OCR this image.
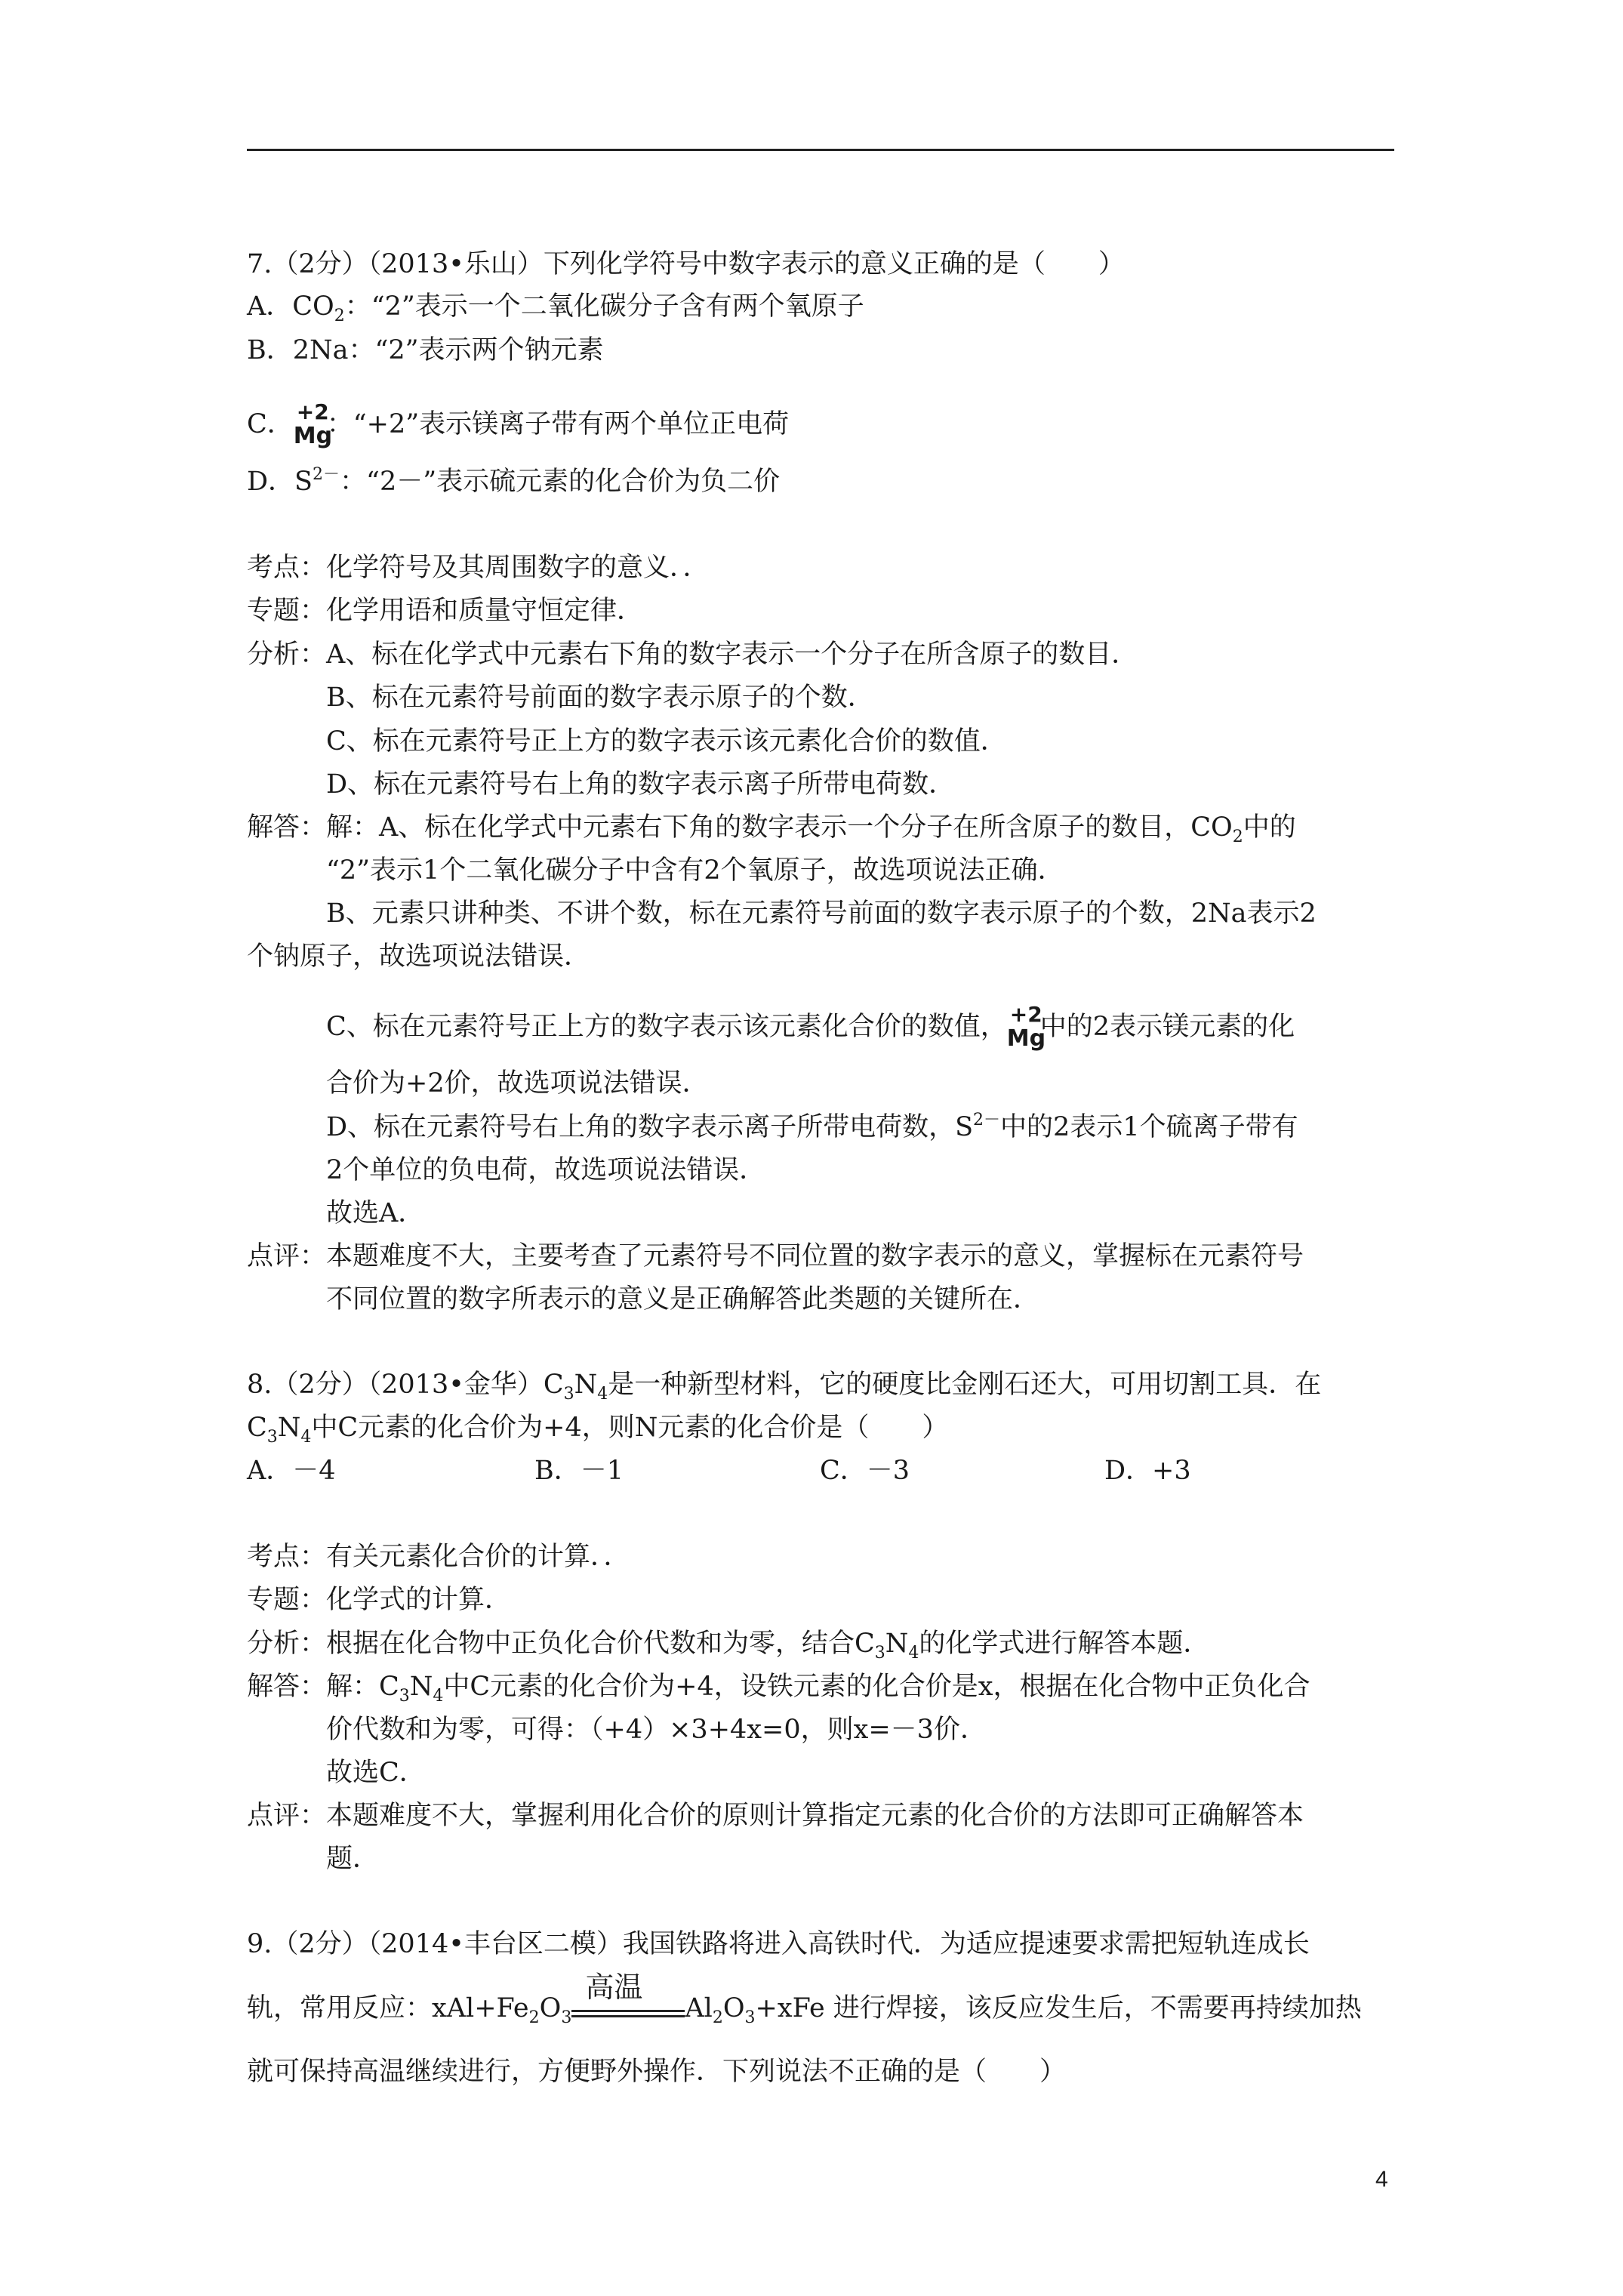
7.（2分）（2013•乐山）下列化学符号中数字表示的意义正确的是（　　）
A．$CO_2$：“2”表示一个二氧化碳分子含有两个氧原子
B．2Na：“2”表示两个钠元素
C． +2
Mg
：“+2”表示镁离子带有两个单位正电荷
D．$S^{2-}$：“2－”表示硫元素的化合价为负二价
考点：化学符号及其周围数字的意义．．
专题：化学用语和质量守恒定律．
分析：A、标在化学式中元素右下角的数字表示一个分子在所含原子的数目．
B、标在元素符号前面的数字表示原子的个数．
C、标在元素符号正上方的数字表示该元素化合价的数值．
D、标在元素符号右上角的数字表示离子所带电荷数．
解答：解：A、标在化学式中元素右下角的数字表示一个分子在所含原子的数目，$CO_2$中的
“2”表示1个二氧化碳分子中含有2个氧原子，故选项说法正确．
B、元素只讲种类、不讲个数，标在元素符号前面的数字表示原子的个数，2Na表示2
个钠原子，故选项说法错误．
C、标在元素符号正上方的数字表示该元素化合价的数值， +2
Mg
中的2表示镁元素的化
合价为+2价，故选项说法错误．
D、标在元素符号右上角的数字表示离子所带电荷数，$S^{2-}$中的2表示1个硫离子带有
2个单位的负电荷，故选项说法错误．
故选A．
点评：本题难度不大，主要考查了元素符号不同位置的数字表示的意义，掌握标在元素符号
不同位置的数字所表示的意义是正确解答此类题的关键所在．
8.（2分）（2013•金华）$C_3N_4$是一种新型材料，它的硬度比金刚石还大，可用切割工具．在
$C_3N_4$中C元素的化合价为+4，则N元素的化合价是（　　）
A．－4	B．－1	C．－3	D．+3
考点：有关元素化合价的计算．．
专题：化学式的计算．
分析：根据在化合物中正负化合价代数和为零，结合$C_3N_4$的化学式进行解答本题．
解答：解：$C_3N_4$中C元素的化合价为+4，设铁元素的化合价是x，根据在化合物中正负化合
价代数和为零，可得：（+4）×3+4x=0，则x=－3价．
故选C．
点评：本题难度不大，掌握利用化合价的原则计算指定元素的化合价的方法即可正确解答本
题．
9.（2分）（2014•丰台区二模）我国铁路将进入高铁时代．为适应提速要求需把短轨连成长
轨，常用反应：$xAl+Fe_2O_3$
高温
$Al_2O_3+xFe$ 进行焊接，该反应发生后，不需要再持续加热
就可保持高温继续进行，方便野外操作．下列说法不正确的是（　　）
4
